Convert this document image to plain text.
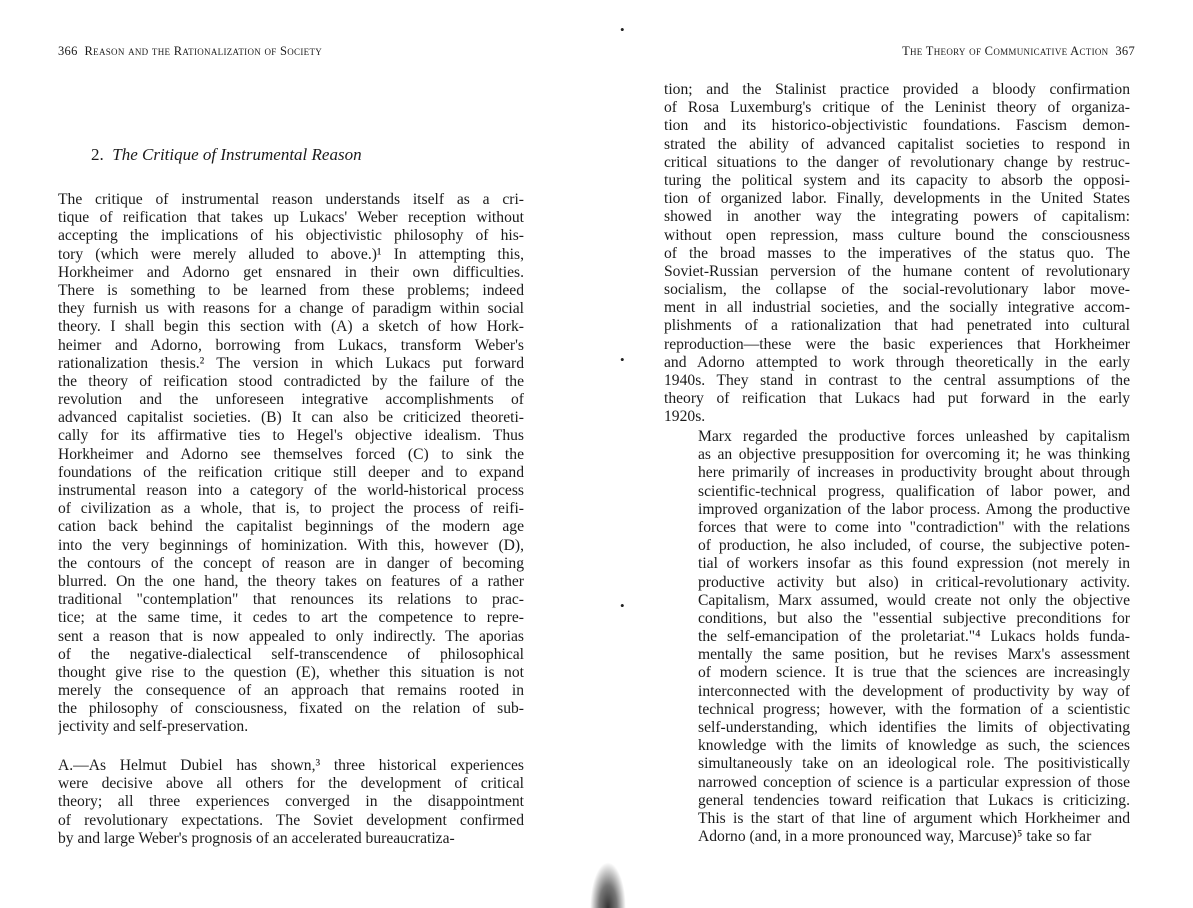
366 Reason and the Rationalization of Society
2. The Critique of Instrumental Reason
The critique of instrumental reason understands itself as a cri-
tique of reification that takes up Lukacs' Weber reception without
accepting the implications of his objectivistic philosophy of his-
tory (which were merely alluded to above.)¹ In attempting this,
Horkheimer and Adorno get ensnared in their own difficulties.
There is something to be learned from these problems; indeed
they furnish us with reasons for a change of paradigm within social
theory. I shall begin this section with (A) a sketch of how Hork-
heimer and Adorno, borrowing from Lukacs, transform Weber's
rationalization thesis.² The version in which Lukacs put forward
the theory of reification stood contradicted by the failure of the
revolution and the unforeseen integrative accomplishments of
advanced capitalist societies. (B) It can also be criticized theoreti-
cally for its affirmative ties to Hegel's objective idealism. Thus
Horkheimer and Adorno see themselves forced (C) to sink the
foundations of the reification critique still deeper and to expand
instrumental reason into a category of the world-historical process
of civilization as a whole, that is, to project the process of reifi-
cation back behind the capitalist beginnings of the modern age
into the very beginnings of hominization. With this, however (D),
the contours of the concept of reason are in danger of becoming
blurred. On the one hand, the theory takes on features of a rather
traditional "contemplation" that renounces its relations to prac-
tice; at the same time, it cedes to art the competence to repre-
sent a reason that is now appealed to only indirectly. The aporias
of the negative-dialectical self-transcendence of philosophical
thought give rise to the question (E), whether this situation is not
merely the consequence of an approach that remains rooted in
the philosophy of consciousness, fixated on the relation of sub-
jectivity and self-preservation.
A.—As Helmut Dubiel has shown,³ three historical experiences
were decisive above all others for the development of critical
theory; all three experiences converged in the disappointment
of revolutionary expectations. The Soviet development confirmed
by and large Weber's prognosis of an accelerated bureaucratiza-
The Theory of Communicative Action 367
tion; and the Stalinist practice provided a bloody confirmation
of Rosa Luxemburg's critique of the Leninist theory of organiza-
tion and its historico-objectivistic foundations. Fascism demon-
strated the ability of advanced capitalist societies to respond in
critical situations to the danger of revolutionary change by restruc-
turing the political system and its capacity to absorb the opposi-
tion of organized labor. Finally, developments in the United States
showed in another way the integrating powers of capitalism:
without open repression, mass culture bound the consciousness
of the broad masses to the imperatives of the status quo. The
Soviet-Russian perversion of the humane content of revolutionary
socialism, the collapse of the social-revolutionary labor move-
ment in all industrial societies, and the socially integrative accom-
plishments of a rationalization that had penetrated into cultural
reproduction—these were the basic experiences that Horkheimer
and Adorno attempted to work through theoretically in the early
1940s. They stand in contrast to the central assumptions of the
theory of reification that Lukacs had put forward in the early
1920s.
Marx regarded the productive forces unleashed by capitalism
as an objective presupposition for overcoming it; he was thinking
here primarily of increases in productivity brought about through
scientific-technical progress, qualification of labor power, and
improved organization of the labor process. Among the productive
forces that were to come into "contradiction" with the relations
of production, he also included, of course, the subjective poten-
tial of workers insofar as this found expression (not merely in
productive activity but also) in critical-revolutionary activity.
Capitalism, Marx assumed, would create not only the objective
conditions, but also the "essential subjective preconditions for
the self-emancipation of the proletariat."⁴ Lukacs holds funda-
mentally the same position, but he revises Marx's assessment
of modern science. It is true that the sciences are increasingly
interconnected with the development of productivity by way of
technical progress; however, with the formation of a scientistic
self-understanding, which identifies the limits of objectivating
knowledge with the limits of knowledge as such, the sciences
simultaneously take on an ideological role. The positivistically
narrowed conception of science is a particular expression of those
general tendencies toward reification that Lukacs is criticizing.
This is the start of that line of argument which Horkheimer and
Adorno (and, in a more pronounced way, Marcuse)⁵ take so far
•
•
•
